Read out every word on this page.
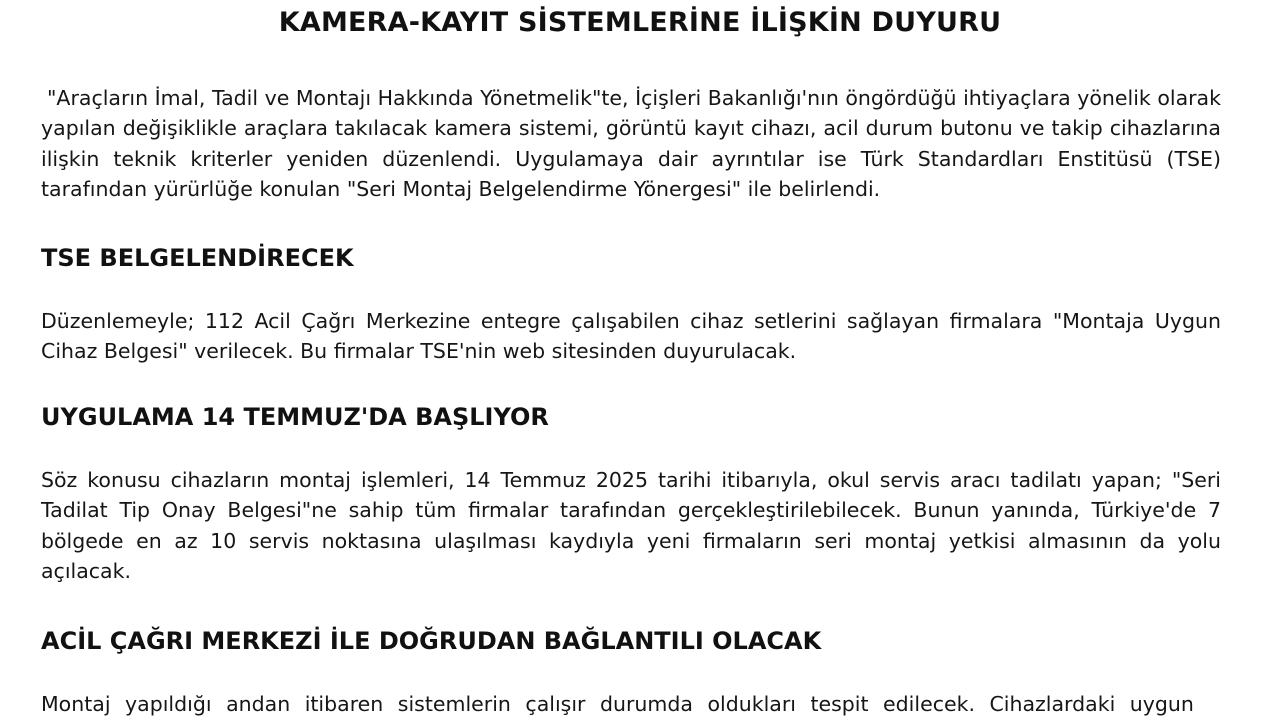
KAMERA-KAYIT SİSTEMLERİNE İLİŞKİN DUYURU

"Araçların İmal, Tadil ve Montajı Hakkında Yönetmelik"te, İçişleri Bakanlığı'nın öngördüğü ihtiyaçlara yönelik olarak yapılan değişiklikle araçlara takılacak kamera sistemi, görüntü kayıt cihazı, acil durum butonu ve takip cihazlarına ilişkin teknik kriterler yeniden düzenlendi. Uygulamaya dair ayrıntılar ise Türk Standardları Enstitüsü (TSE) tarafından yürürlüğe konulan "Seri Montaj Belgelendirme Yönergesi" ile belirlendi.

TSE BELGELENDİRECEK

Düzenlemeyle; 112 Acil Çağrı Merkezine entegre çalışabilen cihaz setlerini sağlayan firmalara "Montaja Uygun Cihaz Belgesi" verilecek. Bu firmalar TSE'nin web sitesinden duyurulacak.

UYGULAMA 14 TEMMUZ'DA BAŞLIYOR

Söz konusu cihazların montaj işlemleri, 14 Temmuz 2025 tarihi itibarıyla, okul servis aracı tadilatı yapan; "Seri Tadilat Tip Onay Belgesi"ne sahip tüm firmalar tarafından gerçekleştirilebilecek. Bunun yanında, Türkiye'de 7 bölgede en az 10 servis noktasına ulaşılması kaydıyla yeni firmaların seri montaj yetkisi almasının da yolu açılacak.

ACİL ÇAĞRI MERKEZİ İLE DOĞRUDAN BAĞLANTILI OLACAK

Montaj yapıldığı andan itibaren sistemlerin çalışır durumda oldukları tespit edilecek. Cihazlardaki uygun
